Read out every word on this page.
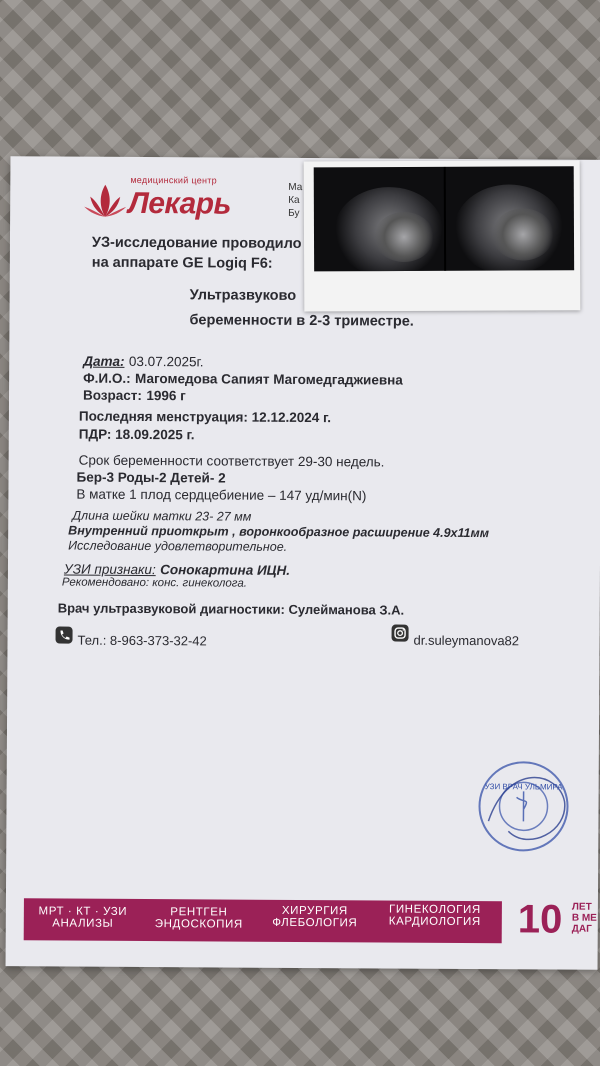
медицинский центр
Лекарь	Ма
Ка
Бу
УЗ-исследование проводило
на аппарате GE Logiq F6:
Ультразвуково
беременности в 2-3 триместре.
Дата: 03.07.2025г.
Ф.И.О.: Магомедова Сапият Магомедгаджиевна
Возраст: 1996 г
Последняя менструация: 12.12.2024 г.
ПДР: 18.09.2025 г.
Срок беременности соответствует 29-30 недель.
Бер-3 Роды-2 Детей- 2
В матке 1 плод сердцебиение – 147 уд/мин(N)
Длина шейки матки 23- 27 мм
Внутренний приоткрыт , воронкообразное расширение 4.9х11мм
Исследование удовлетворительное.
УЗИ признаки: Сонокартина ИЦН.
Рекомендовано: конс. гинеколога.
Врач ультразвуковой диагностики: Сулейманова З.А.
Тел.: 8-963-373-32-42	dr.suleymanova82
УЗИ ВРАЧ УЛЬМИРА
МРТ · КТ · УЗИ
АНАЛИЗЫ
РЕНТГЕН
ЭНДОСКОПИЯ
ХИРУРГИЯ
ФЛЕБОЛОГИЯ
ГИНЕКОЛОГИЯ
КАРДИОЛОГИЯ 10 ЛЕТ
В МЕ
ДАГ
